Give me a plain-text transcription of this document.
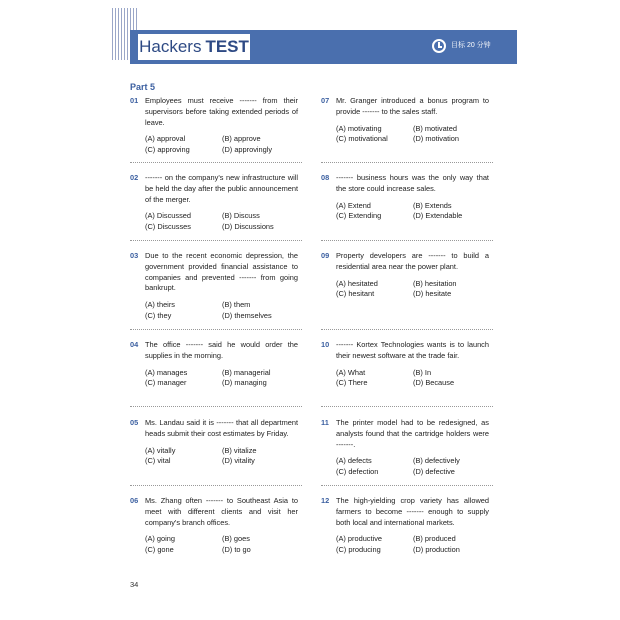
Hackers TEST	目标 20 分钟
Part 5
01 Employees must receive ------- from their supervisors before taking extended periods of leave.
(A) approval	(B) approve
(C) approving	(D) approvingly
02 ------- on the company's new infrastructure will be held the day after the public announcement of the merger.
(A) Discussed	(B) Discuss
(C) Discusses	(D) Discussions
03 Due to the recent economic depression, the government provided financial assistance to companies and prevented ------- from going bankrupt.
(A) theirs	(B) them
(C) they	(D) themselves
04 The office ------- said he would order the supplies in the morning.
(A) manages	(B) managerial
(C) manager	(D) managing
05 Ms. Landau said it is ------- that all department heads submit their cost estimates by Friday.
(A) vitally	(B) vitalize
(C) vital	(D) vitality
06 Ms. Zhang often ------- to Southeast Asia to meet with different clients and visit her company's branch offices.
(A) going	(B) goes
(C) gone	(D) to go
07 Mr. Granger introduced a bonus program to provide ------- to the sales staff.
(A) motivating	(B) motivated
(C) motivational	(D) motivation
08 ------- business hours was the only way that the store could increase sales.
(A) Extend	(B) Extends
(C) Extending	(D) Extendable
09 Property developers are ------- to build a residential area near the power plant.
(A) hesitated	(B) hesitation
(C) hesitant	(D) hesitate
10 ------- Kortex Technologies wants is to launch their newest software at the trade fair.
(A) What	(B) In
(C) There	(D) Because
11 The printer model had to be redesigned, as analysts found that the cartridge holders were -------.
(A) defects	(B) defectively
(C) defection	(D) defective
12 The high-yielding crop variety has allowed farmers to become ------- enough to supply both local and international markets.
(A) productive	(B) produced
(C) producing	(D) production
34
